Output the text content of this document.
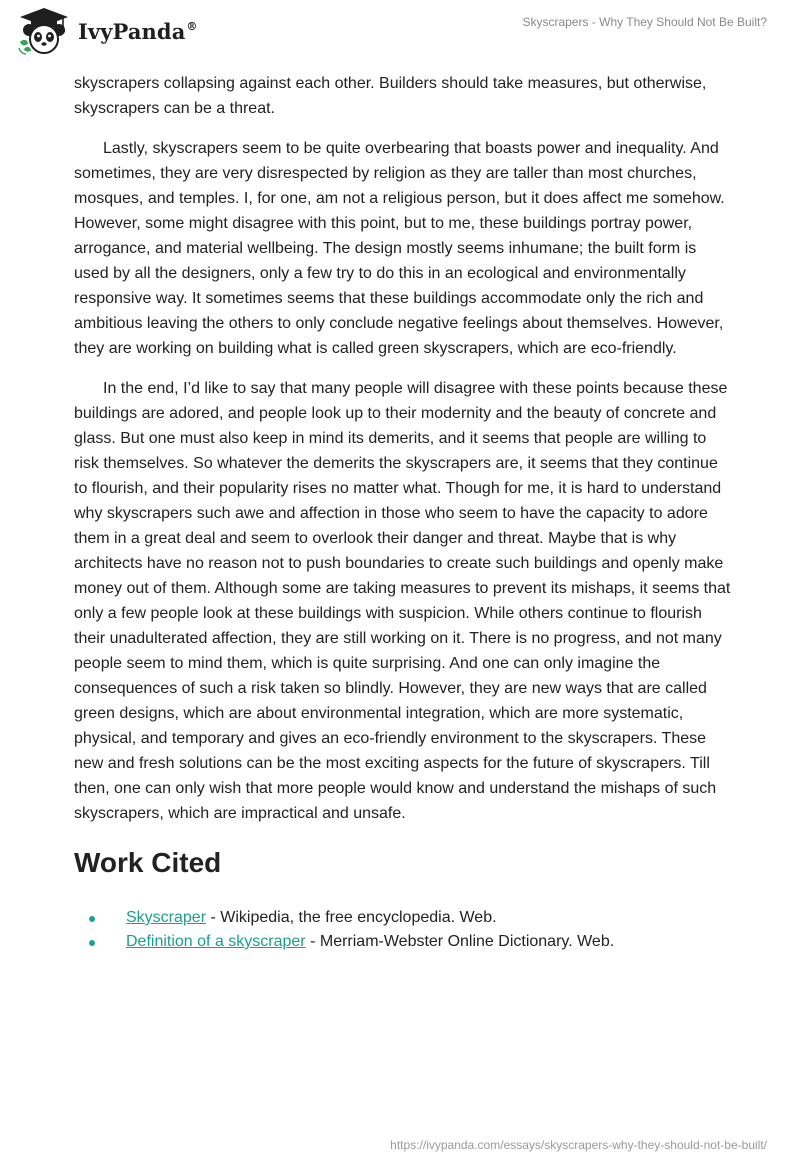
IvyPanda®	Skyscrapers - Why They Should Not Be Built?

skyscrapers collapsing against each other. Builders should take measures, but otherwise, skyscrapers can be a threat.

Lastly, skyscrapers seem to be quite overbearing that boasts power and inequality. And sometimes, they are very disrespected by religion as they are taller than most churches, mosques, and temples. I, for one, am not a religious person, but it does affect me somehow. However, some might disagree with this point, but to me, these buildings portray power, arrogance, and material wellbeing. The design mostly seems inhumane; the built form is used by all the designers, only a few try to do this in an ecological and environmentally responsive way. It sometimes seems that these buildings accommodate only the rich and ambitious leaving the others to only conclude negative feelings about themselves. However, they are working on building what is called green skyscrapers, which are eco-friendly.

In the end, I’d like to say that many people will disagree with these points because these buildings are adored, and people look up to their modernity and the beauty of concrete and glass. But one must also keep in mind its demerits, and it seems that people are willing to risk themselves. So whatever the demerits the skyscrapers are, it seems that they continue to flourish, and their popularity rises no matter what. Though for me, it is hard to understand why skyscrapers such awe and affection in those who seem to have the capacity to adore them in a great deal and seem to overlook their danger and threat. Maybe that is why architects have no reason not to push boundaries to create such buildings and openly make money out of them. Although some are taking measures to prevent its mishaps, it seems that only a few people look at these buildings with suspicion. While others continue to flourish their unadulterated affection, they are still working on it. There is no progress, and not many people seem to mind them, which is quite surprising. And one can only imagine the consequences of such a risk taken so blindly. However, they are new ways that are called green designs, which are about environmental integration, which are more systematic, physical, and temporary and gives an eco-friendly environment to the skyscrapers. These new and fresh solutions can be the most exciting aspects for the future of skyscrapers. Till then, one can only wish that more people would know and understand the mishaps of such skyscrapers, which are impractical and unsafe.

Work Cited
Skyscraper - Wikipedia, the free encyclopedia. Web.
Definition of a skyscraper - Merriam-Webster Online Dictionary. Web.
https://ivypanda.com/essays/skyscrapers-why-they-should-not-be-built/
